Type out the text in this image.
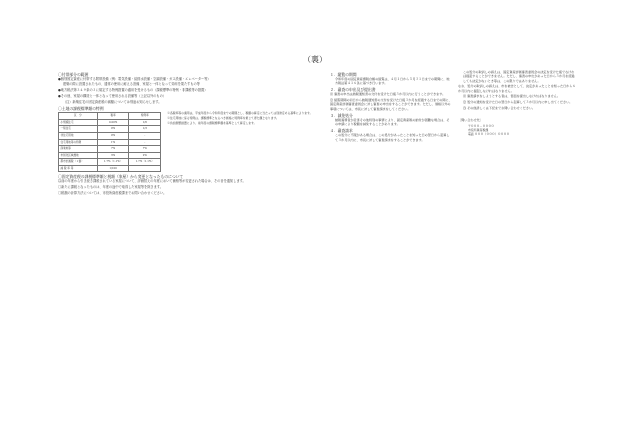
（裏）
〇付帯部分の範囲
●個別固定資産に付帯する附帯設備（例：電気設備・給排水設備・空調設備・ガス設備・エレベーター等）
建築の際に設置されたもの、通常の使用に耐える設備、家屋と一体となって効用を果たすもの等
●地方税法第３４９条の３に規定する特例措置の適用を受けるもの（課税標準の特例・非課税等の措置）
●その他、家屋の構造と一体となって使用される設備等（上記以外のもの）
（注）新築住宅の固定資産税の減額については別途お知らせします。
〇土地の課税標準額の特例
区　分	税率	特例率
小規模住宅	0.00%	1/6
一般住宅	0%	1/3
非住宅用地	0%	-
住宅用地等の特例	1%	-
商業地等	7%	7%
市街化区域農地	3%	2%
都市計画税（１割）	1.7%（1.1%）	1.7%（1.1%）
減 税 率 等	1/100	
※各税率等の適用は、平成年度から令和年度までの期間とし、税額の算定に当たっては別途定める基準によります。
※住宅用地に係る特例は、課税標準となるべき価格に特例率を乗じて得た額となります。
※負担調整措置により、前年度の課税標準額を基準として算定します。
〇固定資産税の課税標準額と税額（家屋）から変更となったものについて
以前の年度から引き続き課税されている家屋について、評価替えの年度において価格等が変更された場合は、その旨を通知します。
〇新たに課税となったものは、年度の途中で取得した家屋等を除きます。
〇税額の計算方法については、市役所資産税課までお問い合わせください。
１．縦覧の期間
令和年度の固定資産課税台帳の縦覧は、４月１日から５月３１日までの期間に、地方税法第４１６条に基づき行います。
２．審査の申出及び提出書
⑴ 審査の申出は納税通知書の交付を受けた日後３か月以内に行うことができます。
⑵ 縦覧期間の初日から納税通知書の交付を受けた日後３か月を経過する日までの間に、固定資産評価審査委員会に対し審査の申出をすることができます。ただし、価格以外の事項については、市長に対して審査請求をしてください。
３．減免処分
納税義務者が災害その他特別の事情により、固定資産税の納付が困難な場合は、その申請により税額を減免することがあります。
４．審査請求
この処分に不服がある場合は、この処分があったことを知った日の翌日から起算して３か月以内に、市長に対して審査請求をすることができます。
この処分の取消しの訴えは、固定資産評価審査委員会の決定を受けた後でなければ提起することができません。ただし、審査の申出があった日から３か月を経過しても決定がないとき等は、この限りではありません。
なお、処分の取消しの訴えは、市を被告として、決定があったことを知った日から６か月以内に提起しなければなりません。
⑴ 審査請求をしようとする者は、書面を提出しなければなりません。
⑵ 処分の通知を受けた日の翌日から起算して３か月以内に申し出てください。
⑶ その他詳しくは下記までお問い合わせください。
〔問い合わせ先〕
〒０００－００００
市役所資産税課
電話 ０００（０００）００００
